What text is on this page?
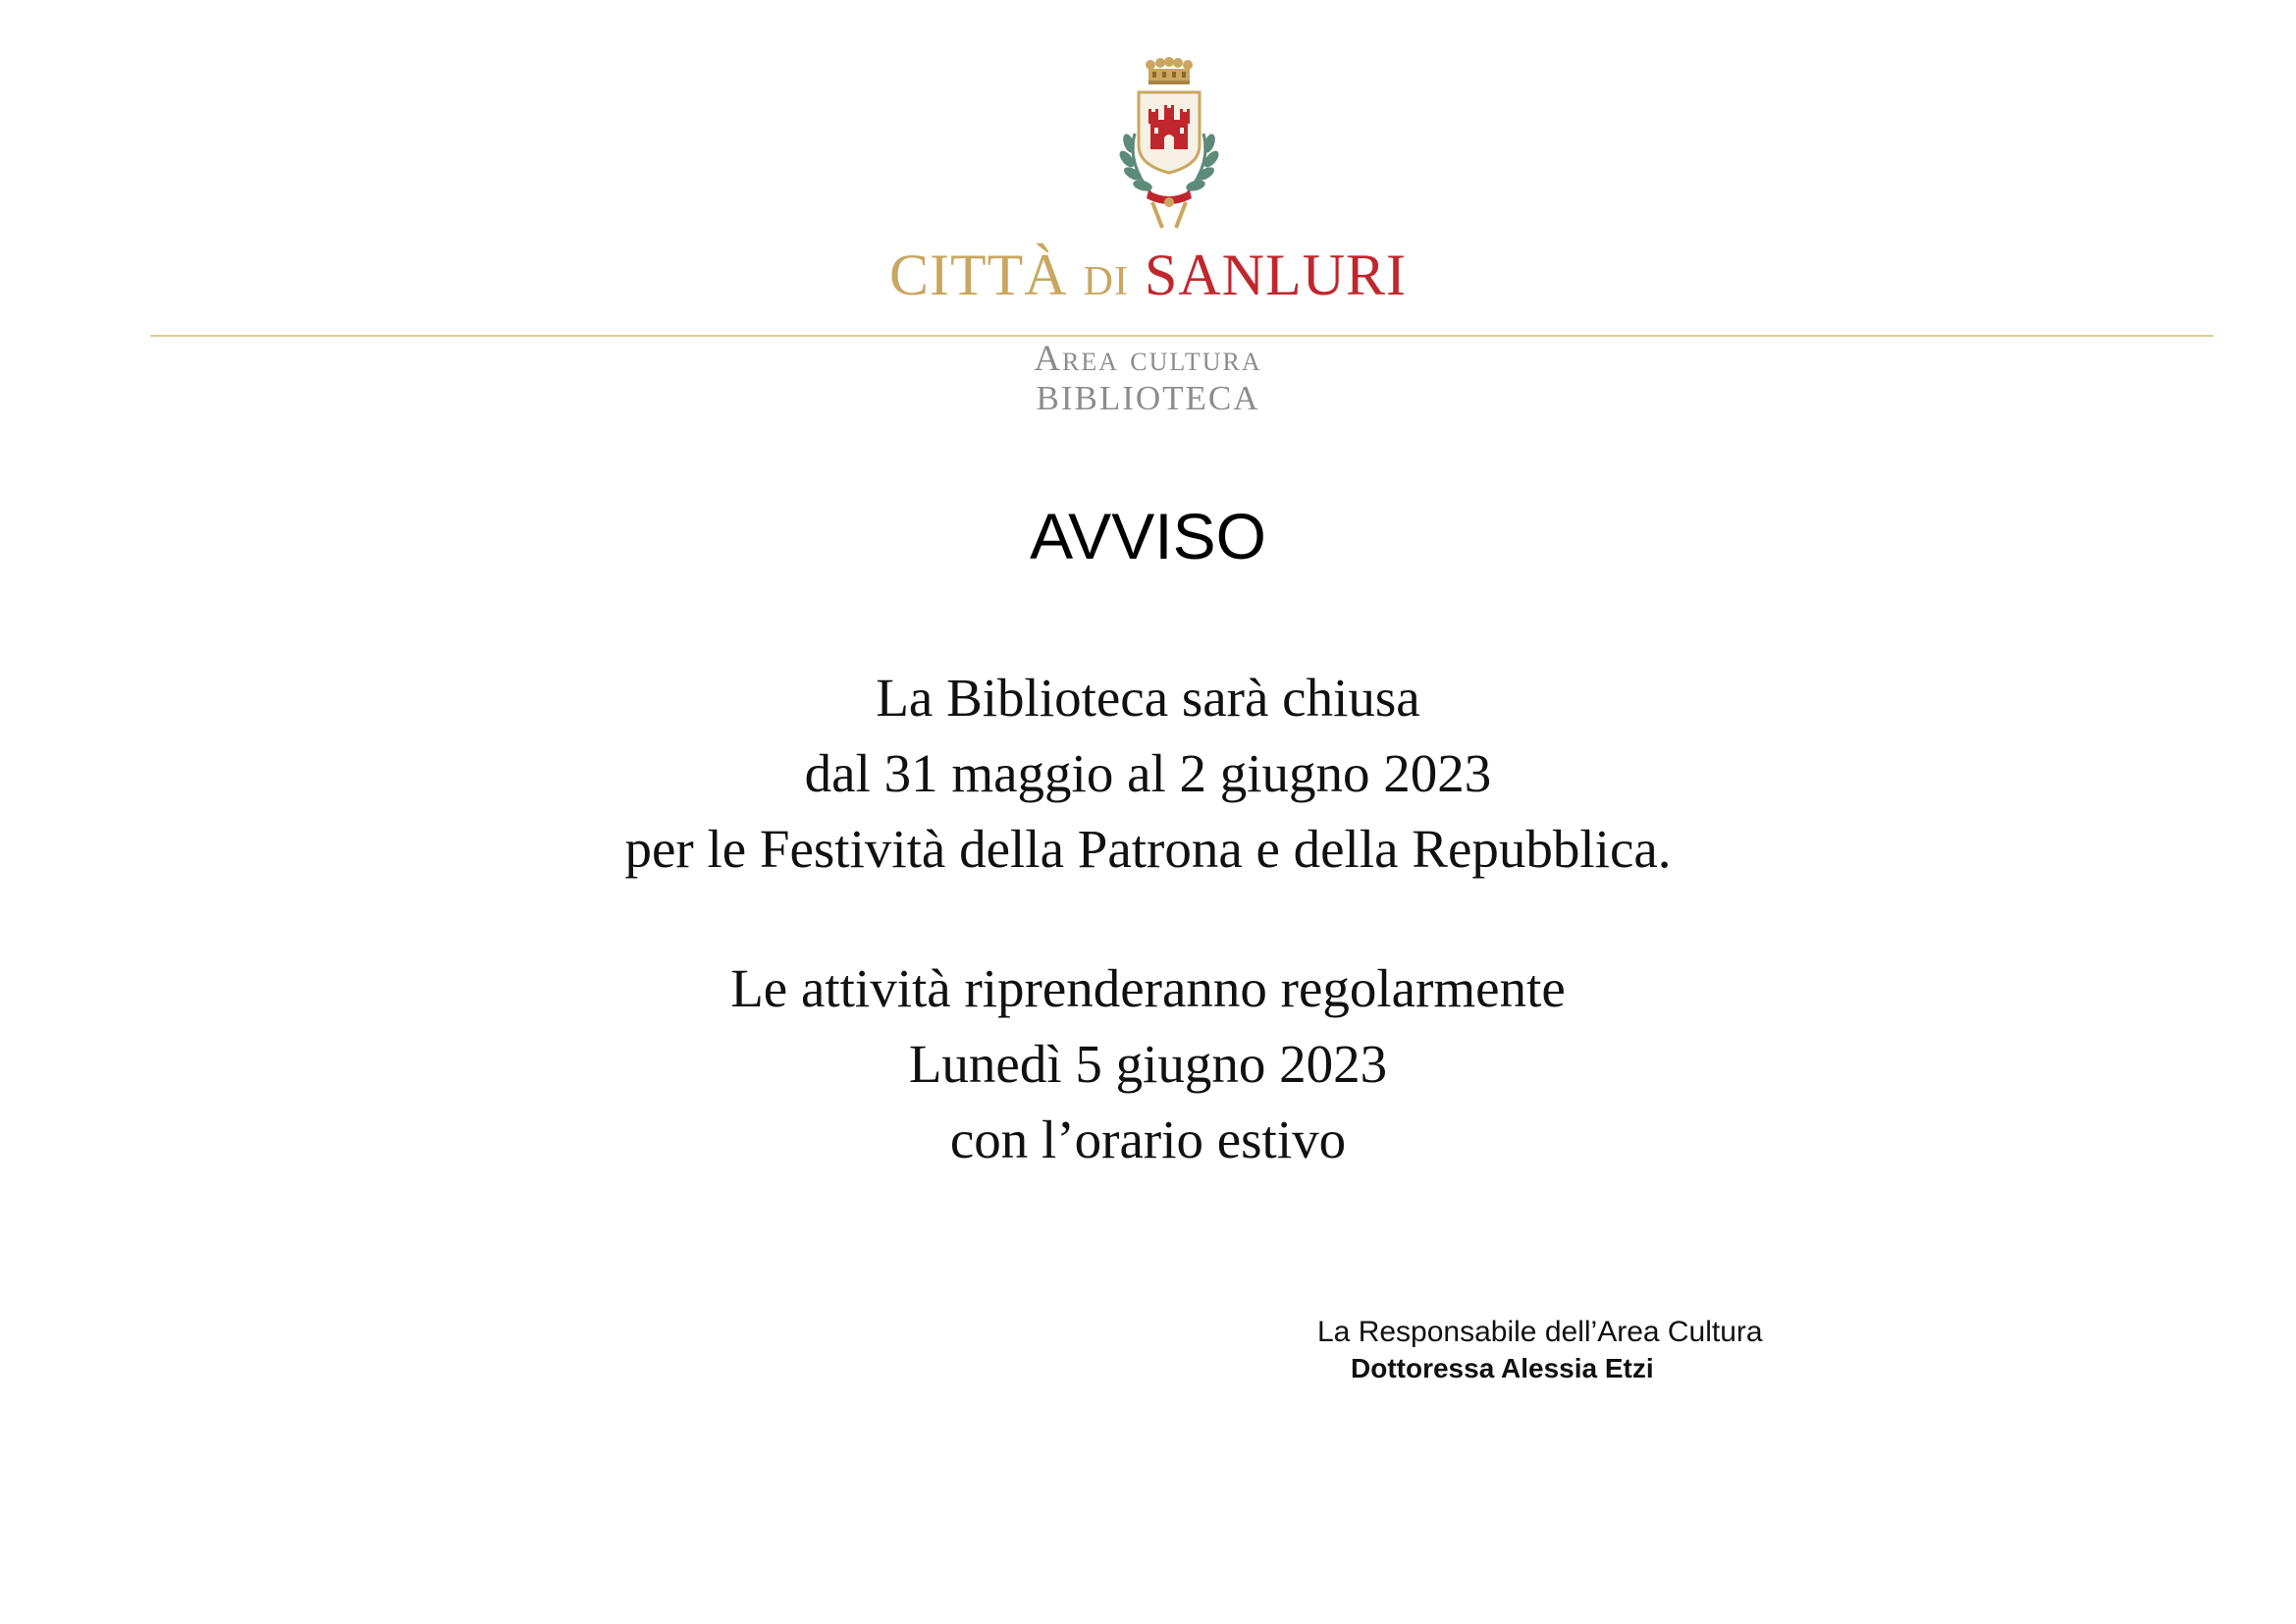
CITTÀ DI SANLURI
Area cultura
BIBLIOTECA
AVVISO
La Biblioteca sarà chiusa
dal 31 maggio al 2 giugno 2023
per le Festività della Patrona e della Repubblica.
Le attività riprenderanno regolarmente
Lunedì 5 giugno 2023
con l’orario estivo
La Responsabile dell’Area Cultura
Dottoressa Alessia Etzi
